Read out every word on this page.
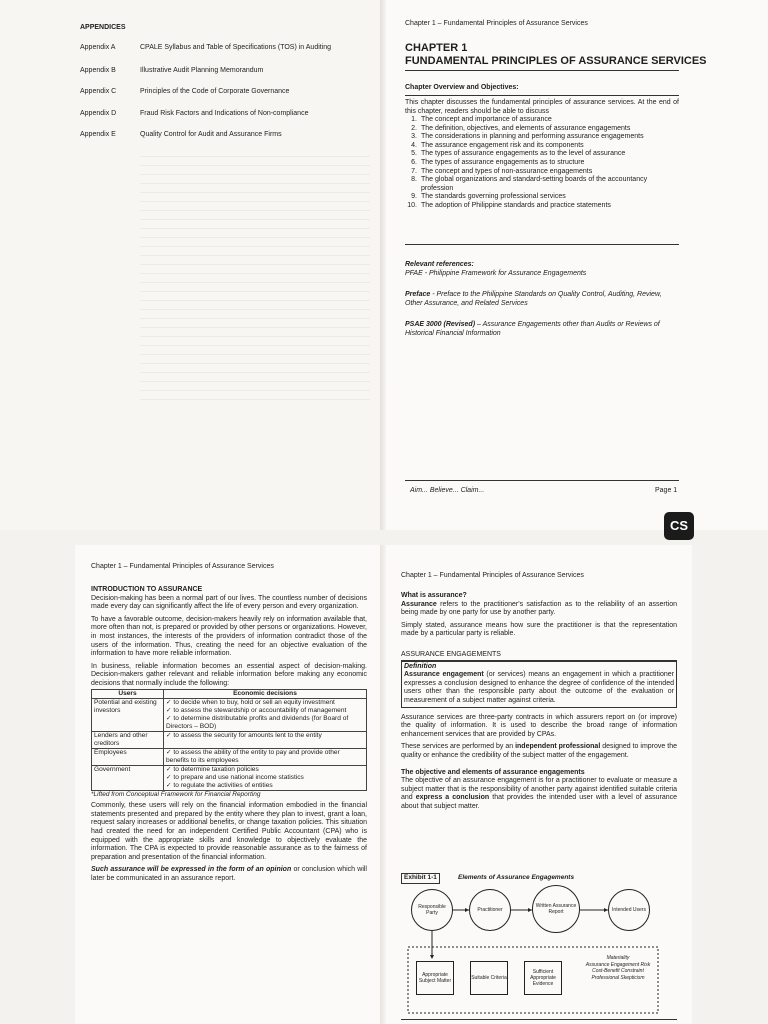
APPENDICES
Appendix A	CPALE Syllabus and Table of Specifications (TOS) in Auditing
Appendix B	Illustrative Audit Planning Memorandum
Appendix C	Principles of the Code of Corporate Governance
Appendix D	Fraud Risk Factors and Indications of Non-compliance
Appendix E	Quality Control for Audit and Assurance Firms
Chapter 1 – Fundamental Principles of Assurance Services
CHAPTER 1
FUNDAMENTAL PRINCIPLES OF ASSURANCE SERVICES
Chapter Overview and Objectives:
This chapter discusses the fundamental principles of assurance services. At the end of this chapter, readers should be able to discuss
1. The concept and importance of assurance
2. The definition, objectives, and elements of assurance engagements
3. The considerations in planning and performing assurance engagements
4. The assurance engagement risk and its components
5. The types of assurance engagements as to the level of assurance
6. The types of assurance engagements as to structure
7. The concept and types of non-assurance engagements
8. The global organizations and standard-setting boards of the accountancy profession
9. The standards governing professional services
10. The adoption of Philippine standards and practice statements
Relevant references:
PFAE - Philippine Framework for Assurance Engagements
Preface - Preface to the Philippine Standards on Quality Control, Auditing, Review, Other Assurance, and Related Services
PSAE 3000 (Revised) – Assurance Engagements other than Audits or Reviews of Historical Financial Information
Aim... Believe... Claim...	Page 1
CS
Chapter 1 – Fundamental Principles of Assurance Services
INTRODUCTION TO ASSURANCE

Decision-making has been a normal part of our lives. The countless number of decisions made every day can significantly affect the life of every person and every organization.

To have a favorable outcome, decision-makers heavily rely on information available that, more often than not, is prepared or provided by other persons or organizations. However, in most instances, the interests of the providers of information contradict those of the users of the information. Thus, creating the need for an objective evaluation of the information to have more reliable information.

In business, reliable information becomes an essential aspect of decision-making. Decision-makers gather relevant and reliable information before making any economic decisions that normally include the following:

Users	Economic decisions
Potential and existing investors	✓ to decide when to buy, hold or sell an equity investment
✓ to assess the stewardship or accountability of management
✓ to determine distributable profits and dividends (for Board of Directors – BOD)

Lenders and other creditors	✓ to assess the security for amounts lent to the entity

Employees	✓ to assess the ability of the entity to pay and provide other benefits to its employees

Government	✓ to determine taxation policies
✓ to prepare and use national income statistics
✓ to regulate the activities of entities
*Lifted from Conceptual Framework for Financial Reporting

Commonly, these users will rely on the financial information embodied in the financial statements presented and prepared by the entity where they plan to invest, grant a loan, request salary increases or additional benefits, or change taxation policies. This situation had created the need for an independent Certified Public Accountant (CPA) who is equipped with the appropriate skills and knowledge to objectively evaluate the information. The CPA is expected to provide reasonable assurance as to the fairness of preparation and presentation of the financial information.

Such assurance will be expressed in the form of an opinion or conclusion which will later be communicated in an assurance report.

Chapter 1 – Fundamental Principles of Assurance Services
What is assurance?

Assurance refers to the practitioner's satisfaction as to the reliability of an assertion being made by one party for use by another party.

Simply stated, assurance means how sure the practitioner is that the representation made by a particular party is reliable.

ASSURANCE ENGAGEMENTS
Definition

Assurance engagement (or services) means an engagement in which a practitioner expresses a conclusion designed to enhance the degree of confidence of the intended users other than the responsible party about the outcome of the evaluation or measurement of a subject matter against criteria.

Assurance services are three-party contracts in which assurers report on (or improve) the quality of information. It is used to describe the broad range of information enhancement services that are provided by CPAs.

These services are performed by an independent professional designed to improve the quality or enhance the credibility of the subject matter of the engagement.

The objective and elements of assurance engagements

The objective of an assurance engagement is for a practitioner to evaluate or measure a subject matter that is the responsibility of another party against identified suitable criteria and express a conclusion that provides the intended user with a level of assurance about that subject matter.

Exhibit 1-1	Elements of Assurance Engagements
Responsible Party	Practitioner
Written Assurance Report	Intended Users
Appropriate Subject Matter	Suitable Criteria
Sufficient Appropriate Evidence
Materiality
Assurance Engagement Risk
Cost-Benefit Constraint
Professional Skepticism
